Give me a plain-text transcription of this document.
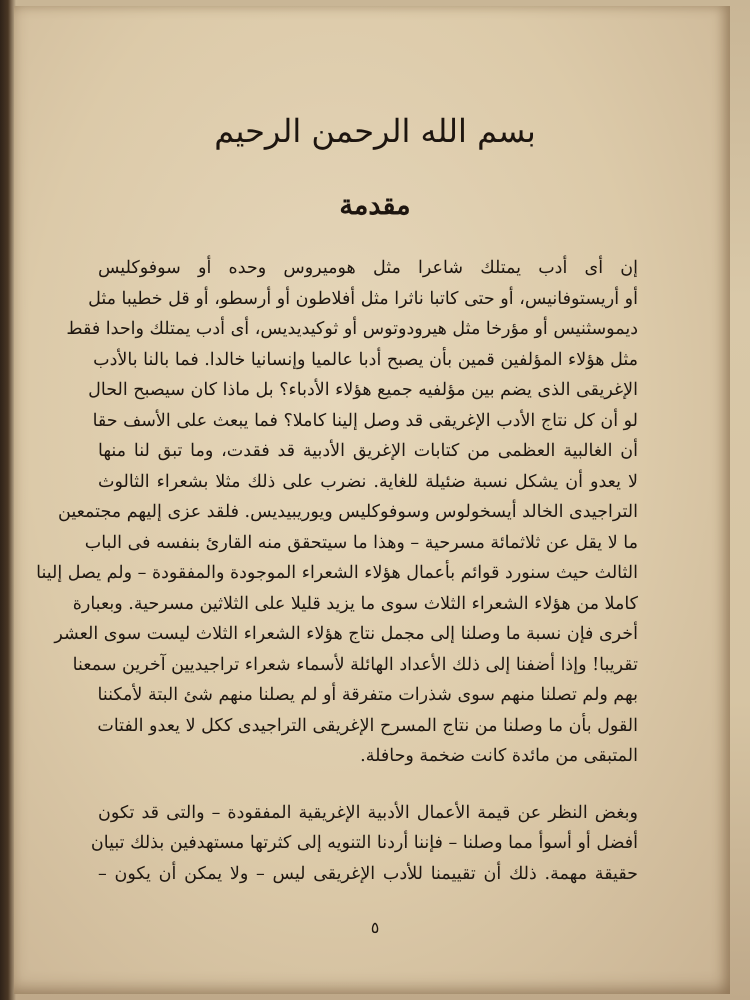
بسم الله الرحمن الرحيم
مقدمة
إن أى أدب يمتلك شاعرا مثل هوميروس وحده أو سوفوكليس
أو أريستوفانيس، أو حتى كاتبا ناثرا مثل أفلاطون أو أرسطو، أو قل خطيبا مثل
ديموسثنيس أو مؤرخا مثل هيرودوتوس أو ثوكيديديس، أى أدب يمتلك واحدا فقط
مثل هؤلاء المؤلفين قمين بأن يصبح أدبا عالميا وإنسانيا خالدا. فما بالنا بالأدب
الإغريقى الذى يضم بين مؤلفيه جميع هؤلاء الأدباء؟ بل ماذا كان سيصبح الحال
لو أن كل نتاج الأدب الإغريقى قد وصل إلينا كاملا؟ فما يبعث على الأسف حقا
أن الغالبية العظمى من كتابات الإغريق الأدبية قد فقدت، وما تبق لنا منها
لا يعدو أن يشكل نسبة ضئيلة للغاية. نضرب على ذلك مثلا بشعراء الثالوث
التراجيدى الخالد أيسخولوس وسوفوكليس ويوريبيديس. فلقد عزى إليهم مجتمعين
ما لا يقل عن ثلاثمائة مسرحية – وهذا ما سيتحقق منه القارئ بنفسه فى الباب
الثالث حيث سنورد قوائم بأعمال هؤلاء الشعراء الموجودة والمفقودة – ولم يصل إلينا
كاملا من هؤلاء الشعراء الثلاث سوى ما يزيد قليلا على الثلاثين مسرحية. وبعبارة
أخرى فإن نسبة ما وصلنا إلى مجمل نتاج هؤلاء الشعراء الثلاث ليست سوى العشر
تقريبا! وإذا أضفنا إلى ذلك الأعداد الهائلة لأسماء شعراء تراجيديين آخرين سمعنا
بهم ولم تصلنا منهم سوى شذرات متفرقة أو لم يصلنا منهم شئ البتة لأمكننا
القول بأن ما وصلنا من نتاج المسرح الإغريقى التراجيدى ككل لا يعدو الفتات
المتبقى من مائدة كانت ضخمة وحافلة.
وبغض النظر عن قيمة الأعمال الأدبية الإغريقية المفقودة – والتى قد تكون
أفضل أو أسوأ مما وصلنا – فإننا أردنا التنويه إلى كثرتها مستهدفين بذلك تبيان
حقيقة مهمة. ذلك أن تقييمنا للأدب الإغريقى ليس – ولا يمكن أن يكون –
٥
